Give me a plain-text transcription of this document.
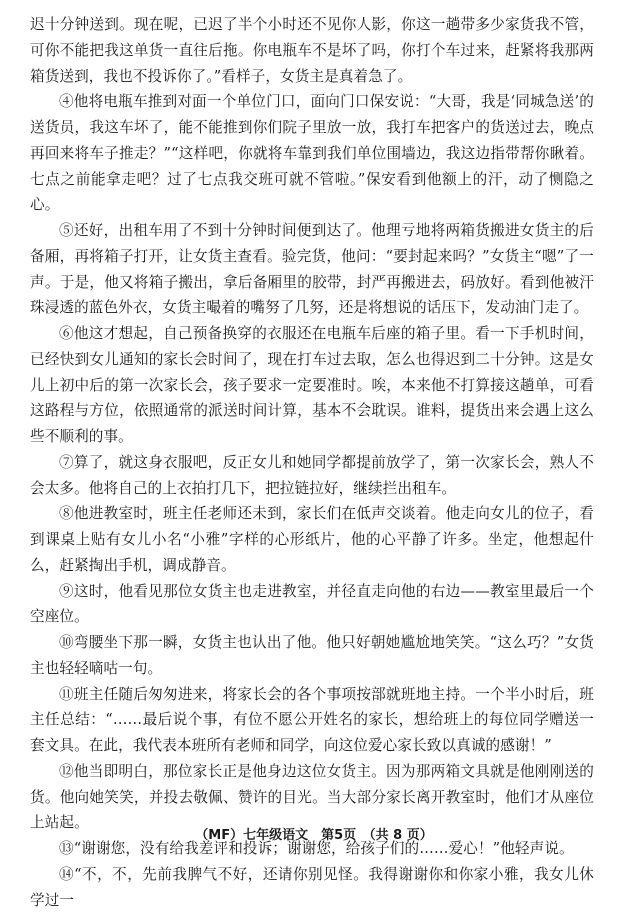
迟十分钟送到。现在呢，已迟了半个小时还不见你人影，你这一趟带多少家货我不管，可你不能把我这单货一直往后拖。你电瓶车不是坏了吗，你打个车过来，赶紧将我那两箱货送到，我也不投诉你了。”看样子，女货主是真着急了。

④他将电瓶车推到对面一个单位门口，面向门口保安说：“大哥，我是‘同城急送’的送货员，我这车坏了，能不能推到你们院子里放一放，我打车把客户的货送过去，晚点再回来将车子推走？”“这样吧，你就将车靠到我们单位围墙边，我这边指带帮你瞅着。七点之前能拿走吧？过了七点我交班可就不管啦。”保安看到他额上的汗，动了恻隐之心。

⑤还好，出租车用了不到十分钟时间便到达了。他理亏地将两箱货搬进女货主的后备厢，再将箱子打开，让女货主查看。验完货，他问：“要封起来吗？”女货主“嗯”了一声。于是，他又将箱子搬出，拿后备厢里的胶带，封严再搬进去，码放好。看到他被汗珠浸透的蓝色外衣，女货主嘬着的嘴努了几努，还是将想说的话压下，发动油门走了。

⑥他这才想起，自己预备换穿的衣服还在电瓶车后座的箱子里。看一下手机时间，已经快到女儿通知的家长会时间了，现在打车过去取，怎么也得迟到二十分钟。这是女儿上初中后的第一次家长会，孩子要求一定要准时。唉，本来他不打算接这趟单，可看这路程与方位，依照通常的派送时间计算，基本不会耽误。谁料，提货出来会遇上这么些不顺利的事。

⑦算了，就这身衣服吧，反正女儿和她同学都提前放学了，第一次家长会，熟人不会太多。他将自己的上衣拍打几下，把拉链拉好，继续拦出租车。

⑧他进教室时，班主任老师还未到，家长们在低声交谈着。他走向女儿的位子，看到课桌上贴有女儿小名“小雅”字样的心形纸片，他的心平静了许多。坐定，他想起什么，赶紧掏出手机，调成静音。

⑨这时，他看见那位女货主也走进教室，并径直走向他的右边——教室里最后一个空座位。

⑩弯腰坐下那一瞬，女货主也认出了他。他只好朝她尴尬地笑笑。“这么巧？”女货主也轻轻嘀咕一句。

⑪班主任随后匆匆进来，将家长会的各个事项按部就班地主持。一个半小时后，班主任总结：“……最后说个事，有位不愿公开姓名的家长，想给班上的每位同学赠送一套文具。在此，我代表本班所有老师和同学，向这位爱心家长致以真诚的感谢！”

⑫他当即明白，那位家长正是他身边这位女货主。因为那两箱文具就是他刚刚送的货。他向她笑笑，并投去敬佩、赞许的目光。当大部分家长离开教室时，他们才从座位上站起。

⑬“谢谢您，没有给我差评和投诉；谢谢您，给孩子们的……爱心！”他轻声说。

⑭“不，不，先前我脾气不好，还请你别见怪。我得谢谢你和你家小雅，我女儿休学过一

（MF）七年级语文　第5页　（共 8 页）
